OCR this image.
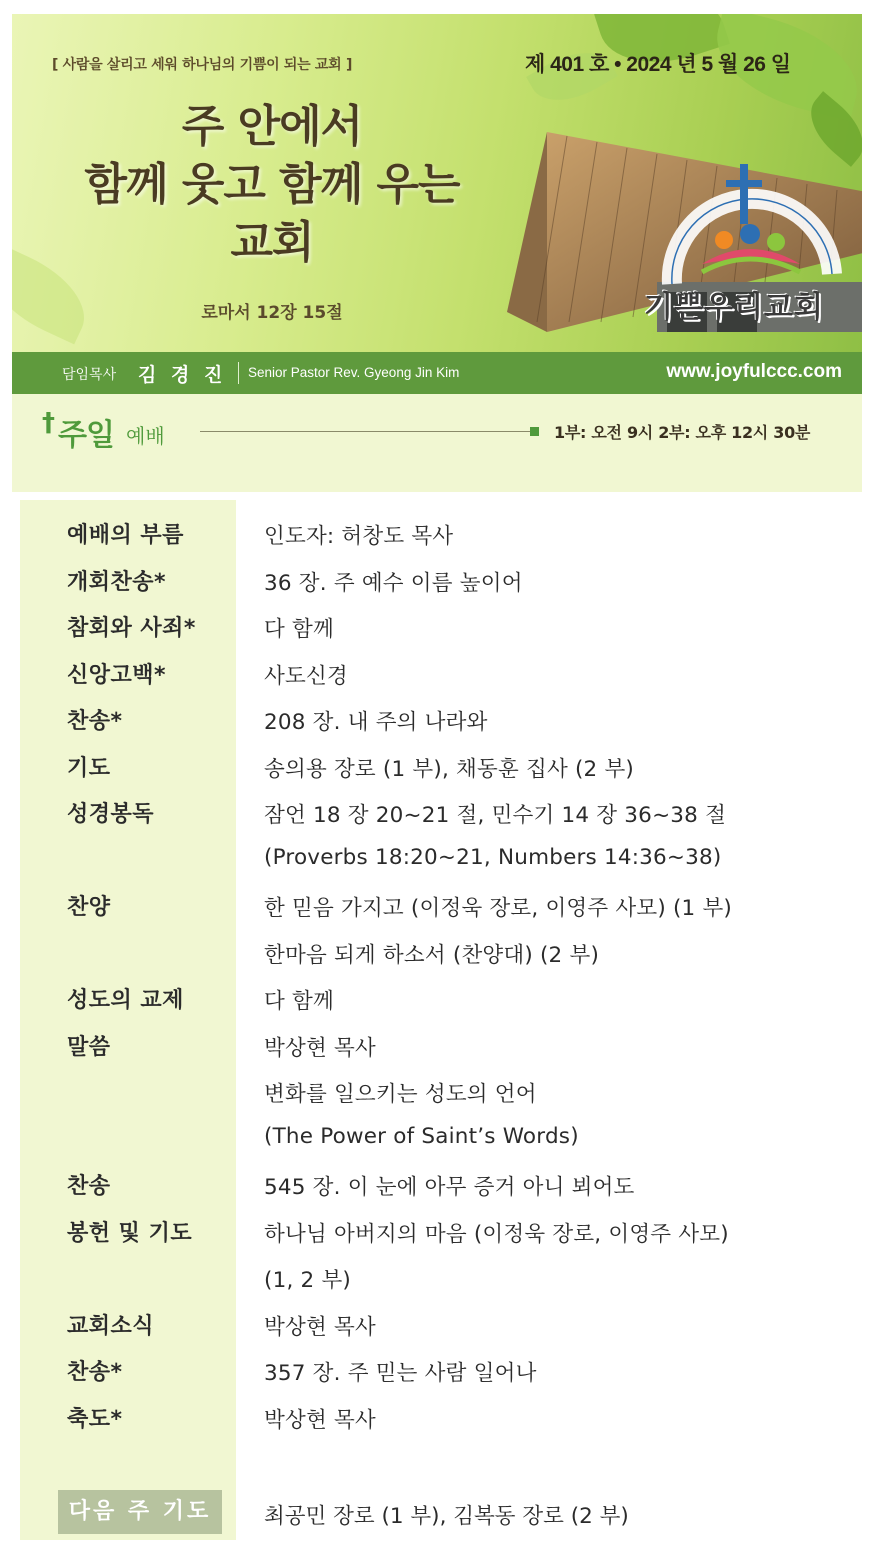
기쁜우리교회
[ 사람을 살리고 세워 하나님의 기쁨이 되는 교회 ]	제 401 호 • 2024 년 5 월 26 일
주 안에서
함께 웃고 함께 우는
교회
로마서 12장 15절
담임목사 김 경 진 Senior Pastor Rev. Gyeong Jin Kim	www.joyfulccc.com
† 주일 예배	1부: 오전 9시 2부: 오후 12시 30분
예배의 부름	인도자: 허창도 목사
개회찬송*	36 장. 주 예수 이름 높이어
참회와 사죄*	다 함께
신앙고백*	사도신경
찬송*	208 장. 내 주의 나라와
기도	송의용 장로 (1 부), 채동훈 집사 (2 부)
성경봉독	잠언 18 장 20~21 절, 민수기 14 장 36~38 절
(Proverbs 18:20~21, Numbers 14:36~38)
찬양	한 믿음 가지고 (이정욱 장로, 이영주 사모) (1 부)
한마음 되게 하소서 (찬양대) (2 부)
성도의 교제	다 함께
말씀	박상현 목사
변화를 일으키는 성도의 언어
(The Power of Saint’s Words)
찬송	545 장. 이 눈에 아무 증거 아니 뵈어도
봉헌 및 기도	하나님 아버지의 마음 (이정욱 장로, 이영주 사모)
(1, 2 부)
교회소식	박상현 목사
찬송*	357 장. 주 믿는 사람 일어나
축도*	박상현 목사
다음 주 기도	최공민 장로 (1 부), 김복동 장로 (2 부)
